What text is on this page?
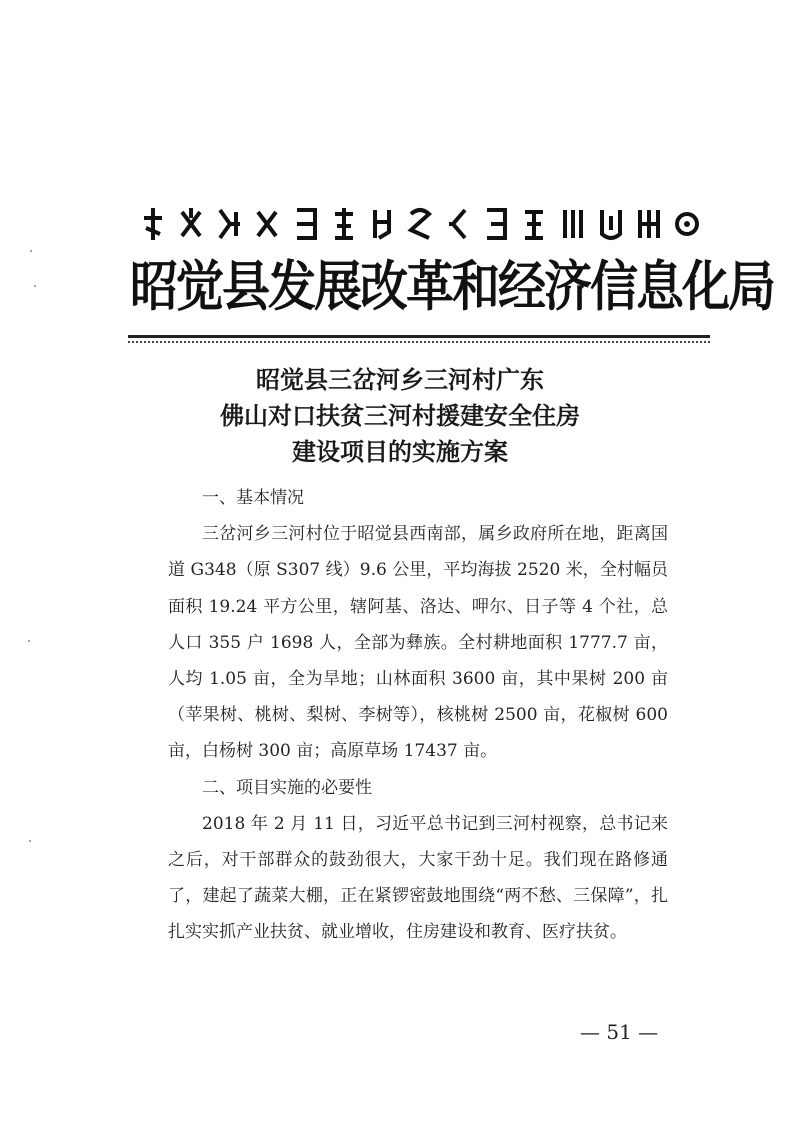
昭觉县发展改革和经济信息化局
昭觉县三岔河乡三河村广东
佛山对口扶贫三河村援建安全住房
建设项目的实施方案

一、基本情况

三岔河乡三河村位于昭觉县西南部，属乡政府所在地，距离国道 G348（原 S307 线）9.6 公里，平均海拔 2520 米，全村幅员面积 19.24 平方公里，辖阿基、洛达、呷尔、日子等 4 个社，总人口 355 户 1698 人，全部为彝族。全村耕地面积 1777.7 亩，人均 1.05 亩，全为旱地；山林面积 3600 亩，其中果树 200 亩（苹果树、桃树、梨树、李树等），核桃树 2500 亩，花椒树 600 亩，白杨树 300 亩；高原草场 17437 亩。

二、项目实施的必要性

2018 年 2 月 11 日，习近平总书记到三河村视察，总书记来之后，对干部群众的鼓劲很大，大家干劲十足。我们现在路修通了，建起了蔬菜大棚，正在紧锣密鼓地围绕“两不愁、三保障”，扎扎实实抓产业扶贫、就业增收，住房建设和教育、医疗扶贫。

— 51 —
